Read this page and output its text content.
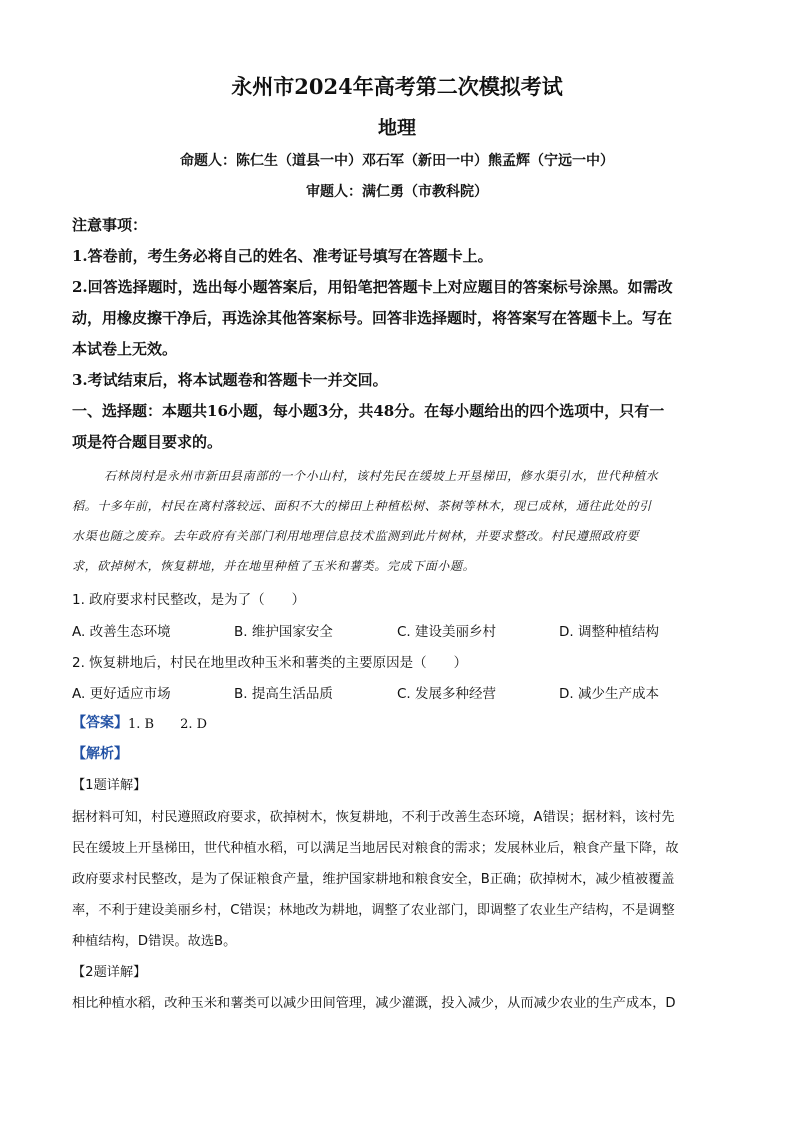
永州市2024年高考第二次模拟考试
地理
命题人：陈仁生（道县一中）邓石军（新田一中）熊孟辉（宁远一中）
审题人：满仁勇（市教科院）
注意事项：
1.答卷前，考生务必将自己的姓名、准考证号填写在答题卡上。
2.回答选择题时，选出每小题答案后，用铅笔把答题卡上对应题目的答案标号涂黑。如需改
动，用橡皮擦干净后，再选涂其他答案标号。回答非选择题时，将答案写在答题卡上。写在
本试卷上无效。
3.考试结束后，将本试题卷和答题卡一并交回。
一、选择题：本题共16小题，每小题3分，共48分。在每小题给出的四个选项中，只有一
项是符合题目要求的。
石林岗村是永州市新田县南部的一个小山村，该村先民在缓坡上开垦梯田，修水渠引水，世代种植水
稻。十多年前，村民在离村落较远、面积不大的梯田上种植松树、茶树等林木，现已成林，通往此处的引
水渠也随之废弃。去年政府有关部门利用地理信息技术监测到此片树林，并要求整改。村民遵照政府要
求，砍掉树木，恢复耕地，并在地里种植了玉米和薯类。完成下面小题。
1. 政府要求村民整改，是为了（　　）
A. 改善生态环境	B. 维护国家安全	C. 建设美丽乡村	D. 调整种植结构
2. 恢复耕地后，村民在地里改种玉米和薯类的主要原因是（　　）
A. 更好适应市场	B. 提高生活品质	C. 发展多种经营	D. 减少生产成本
【答案】 1. B　　2. D
【解析】
【1题详解】
据材料可知，村民遵照政府要求，砍掉树木，恢复耕地，不利于改善生态环境，A错误；据材料，该村先
民在缓坡上开垦梯田，世代种植水稻，可以满足当地居民对粮食的需求；发展林业后，粮食产量下降，故
政府要求村民整改，是为了保证粮食产量，维护国家耕地和粮食安全，B正确；砍掉树木，减少植被覆盖
率，不利于建设美丽乡村，C错误；林地改为耕地，调整了农业部门，即调整了农业生产结构，不是调整
种植结构，D错误。故选B。
【2题详解】
相比种植水稻，改种玉米和薯类可以减少田间管理，减少灌溉，投入减少，从而减少农业的生产成本，D
